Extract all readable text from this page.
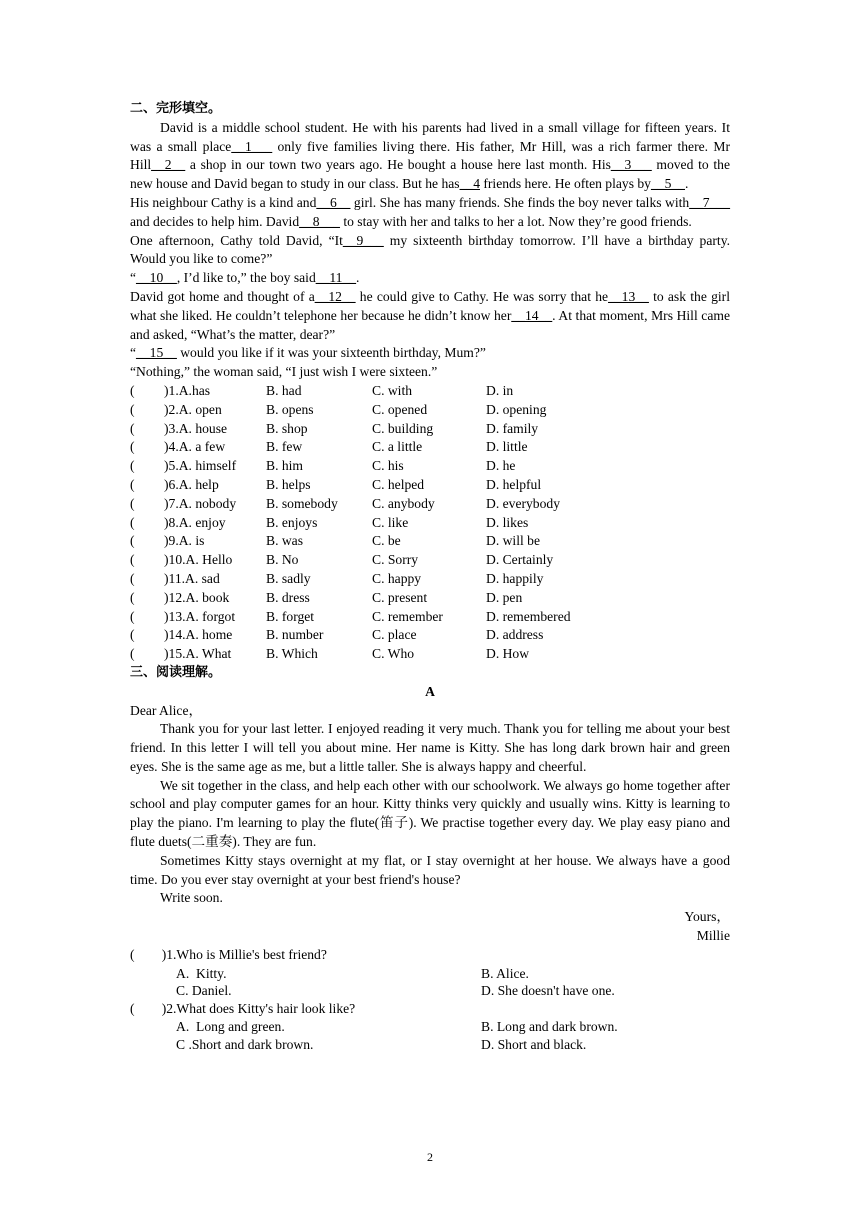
二、完形填空。
David is a middle school student. He with his parents had lived in a small village for fifteen years. It was a small place__1___ only five families living there. His father, Mr Hill, was a rich farmer there. Mr Hill__2__ a shop in our town two years ago. He bought a house here last month. His__3___ moved to the new house and David began to study in our class. But he has__4 friends here. He often plays by__5__.
His neighbour Cathy is a kind and__6__ girl. She has many friends. She finds the boy never talks with__7___ and decides to help him. David__8___ to stay with her and talks to her a lot. Now they’re good friends.
One afternoon, Cathy told David, “It__9___ my sixteenth birthday tomorrow. I’ll have a birthday party. Would you like to come?”
“__10__, I’d like to,” the boy said__11__.
David got home and thought of a__12__ he could give to Cathy. He was sorry that he__13__ to ask the girl what she liked. He couldn’t telephone her because he didn’t know her__14__. At that moment, Mrs Hill came and asked, “What’s the matter, dear?”
“__15__ would you like if it was your sixteenth birthday, Mum?”
“Nothing,” the woman said, “I just wish I were sixteen.”
( )1.A.has	B. had	C. with	D. in
( )2.A. open	B. opens	C. opened	D. opening
( )3.A. house	B. shop	C. building	D. family
( )4.A. a few	B. few	C. a little	D. little
( )5.A. himself	B. him	C. his	D. he
( )6.A. help	B. helps	C. helped	D. helpful
( )7.A. nobody	B. somebody	C. anybody	D. everybody
( )8.A. enjoy	B. enjoys	C. like	D. likes
( )9.A. is	B. was	C. be	D. will be
( )10.A. Hello	B. No	C. Sorry	D. Certainly
( )11.A. sad	B. sadly	C. happy	D. happily
( )12.A. book	B. dress	C. present	D. pen
( )13.A. forgot	B. forget	C. remember	D. remembered
( )14.A. home	B. number	C. place	D. address
( )15.A. What	B. Which	C. Who	D. How
三、阅读理解。
A
Dear Alice，
Thank you for your last letter. I enjoyed reading it very much. Thank you for telling me about your best friend. In this letter I will tell you about mine. Her name is Kitty. She has long dark brown hair and green eyes. She is the same age as me, but a little taller. She is always happy and cheerful.
We sit together in the class, and help each other with our schoolwork. We always go home together after school and play computer games for an hour. Kitty thinks very quickly and usually wins. Kitty is learning to play the piano. I'm learning to play the flute(笛子). We practise together every day. We play easy piano and flute duets(二重奏). They are fun.
Sometimes Kitty stays overnight at my flat, or I stay overnight at her house. We always have a good time. Do you ever stay overnight at your best friend's house?
Write soon.
Yours，
Millie
(        )1.Who is Millie's best friend?
A.  Kitty.	B. Alice.
C. Daniel.	D. She doesn't have one.
(        )2.What does Kitty's hair look like?
A.  Long and green.	B. Long and dark brown.
C .Short and dark brown.	D. Short and black.
2
